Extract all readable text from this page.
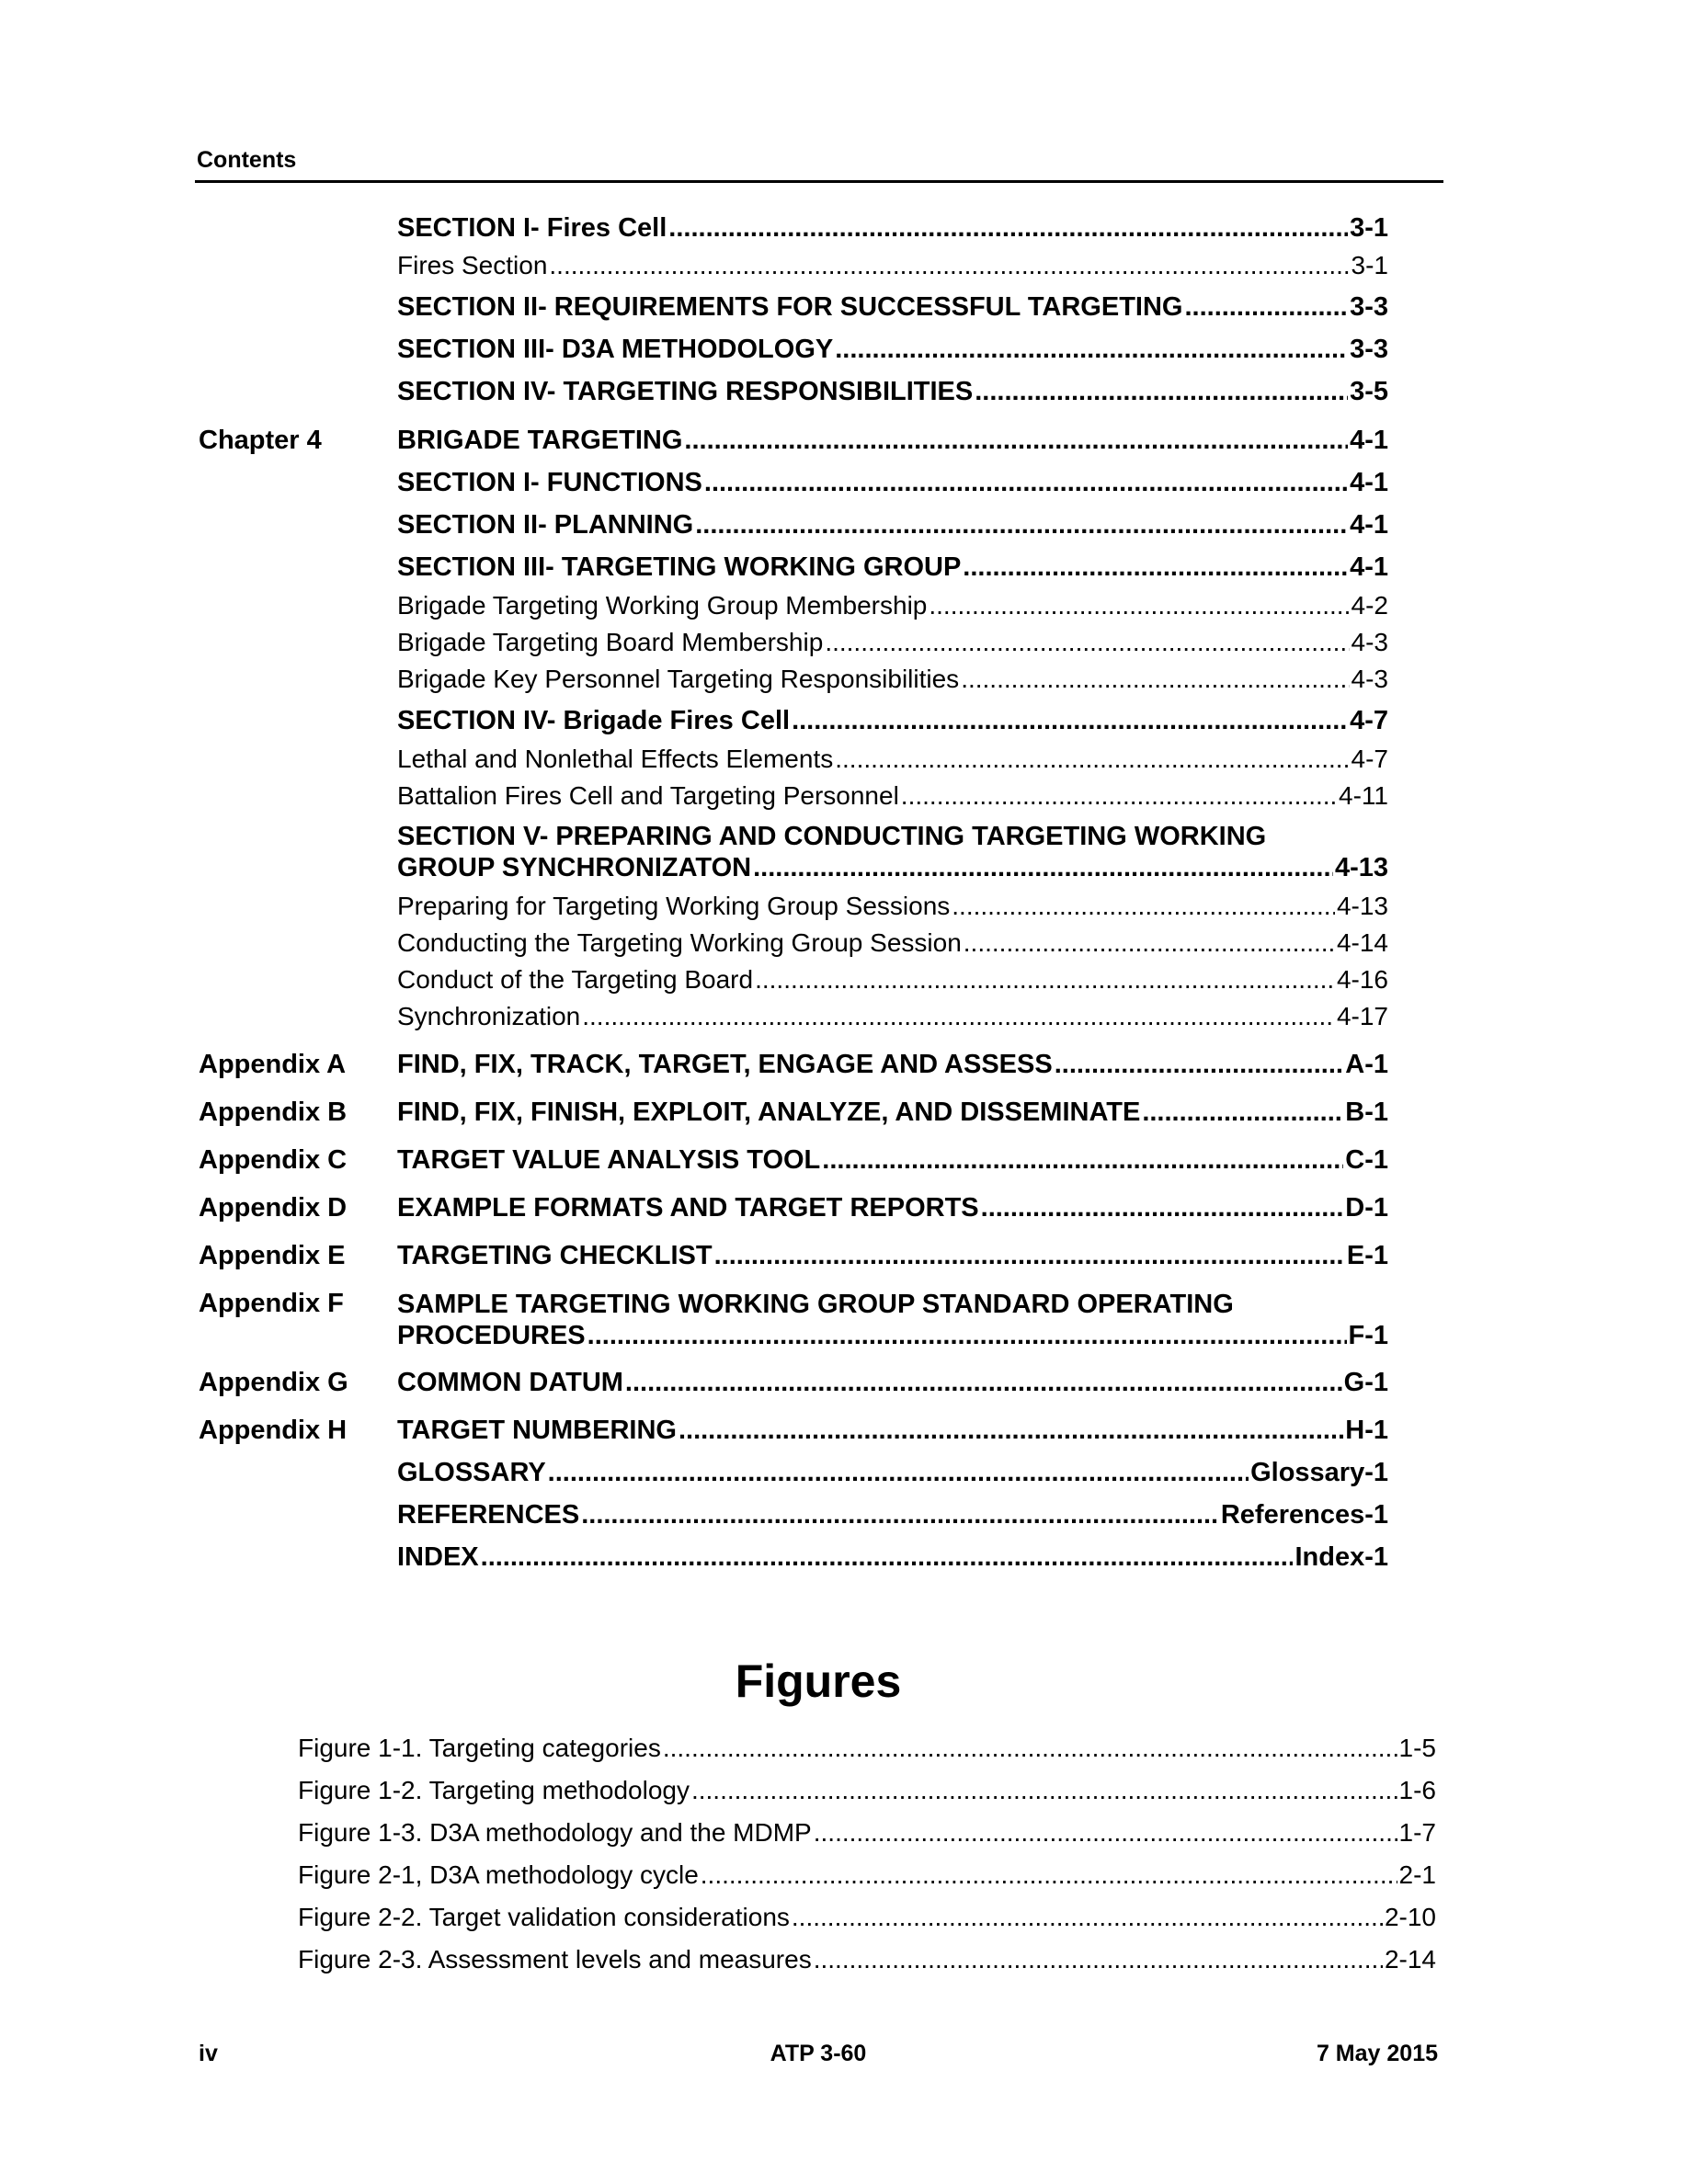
Contents
SECTION I- Fires Cell .....	3-1
Fires Section .....	3-1
SECTION II- REQUIREMENTS FOR SUCCESSFUL TARGETING .....	3-3
SECTION III- D3A METHODOLOGY .....	3-3
SECTION IV- TARGETING RESPONSIBILITIES .....	3-5
Chapter 4	BRIGADE TARGETING .....	4-1
SECTION I- FUNCTIONS .....	4-1
SECTION II- PLANNING .....	4-1
SECTION III- TARGETING WORKING GROUP .....	4-1
Brigade Targeting Working Group Membership .....	4-2
Brigade Targeting Board Membership .....	4-3
Brigade Key Personnel Targeting Responsibilities .....	4-3
SECTION IV- Brigade Fires Cell .....	4-7
Lethal and Nonlethal Effects Elements .....	4-7
Battalion Fires Cell and Targeting Personnel .....	4-11
SECTION V- PREPARING AND CONDUCTING TARGETING WORKING
GROUP SYNCHRONIZATON .....	4-13
Preparing for Targeting Working Group Sessions .....	4-13
Conducting the Targeting Working Group Session .....	4-14
Conduct of the Targeting Board .....	4-16
Synchronization .....	4-17
Appendix A FIND, FIX, TRACK, TARGET, ENGAGE AND ASSESS .....	A-1
Appendix B FIND, FIX, FINISH, EXPLOIT, ANALYZE, AND DISSEMINATE .....	B-1
Appendix C TARGET VALUE ANALYSIS TOOL .....	C-1
Appendix D EXAMPLE FORMATS AND TARGET REPORTS .....	D-1
Appendix E TARGETING CHECKLIST .....	E-1
Appendix F SAMPLE TARGETING WORKING GROUP STANDARD OPERATING
PROCEDURES .....	F-1
Appendix G COMMON DATUM .....	G-1
Appendix H TARGET NUMBERING .....	H-1
GLOSSARY .....	Glossary-1
REFERENCES .....	References-1
INDEX .....	Index-1
Figures
Figure 1-1. Targeting categories .....	1-5
Figure 1-2. Targeting methodology .....	1-6
Figure 1-3. D3A methodology and the MDMP .....	1-7
Figure 2-1, D3A methodology cycle .....	2-1
Figure 2-2. Target validation considerations .....	2-10
Figure 2-3. Assessment levels and measures .....	2-14
iv	ATP 3-60	7 May 2015
